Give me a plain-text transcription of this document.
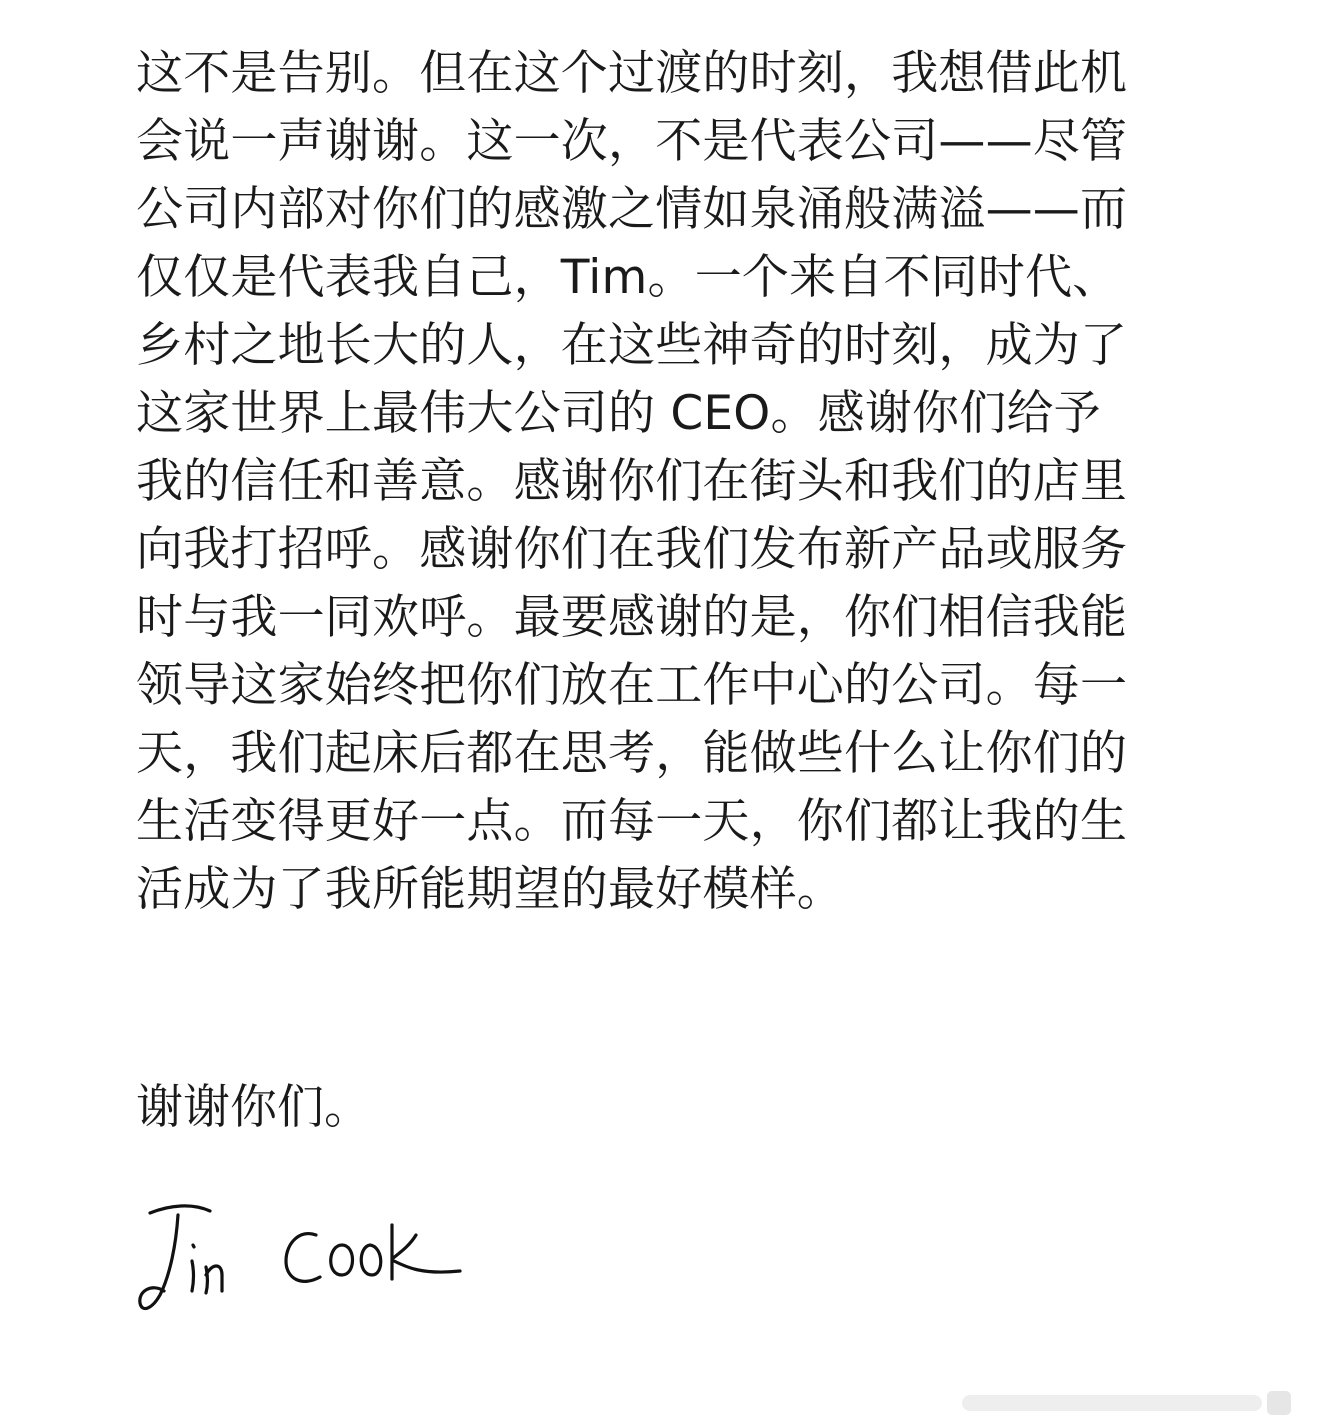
这不是告别。但在这个过渡的时刻，我想借此机
会说一声谢谢。这一次，不是代表公司——尽管
公司内部对你们的感激之情如泉涌般满溢——而
仅仅是代表我自己，Tim。一个来自不同时代、
乡村之地长大的人，在这些神奇的时刻，成为了
这家世界上最伟大公司的 CEO。感谢你们给予
我的信任和善意。感谢你们在街头和我们的店里
向我打招呼。感谢你们在我们发布新产品或服务
时与我一同欢呼。最要感谢的是，你们相信我能
领导这家始终把你们放在工作中心的公司。每一
天，我们起床后都在思考，能做些什么让你们的
生活变得更好一点。而每一天，你们都让我的生
活成为了我所能期望的最好模样。
谢谢你们。
